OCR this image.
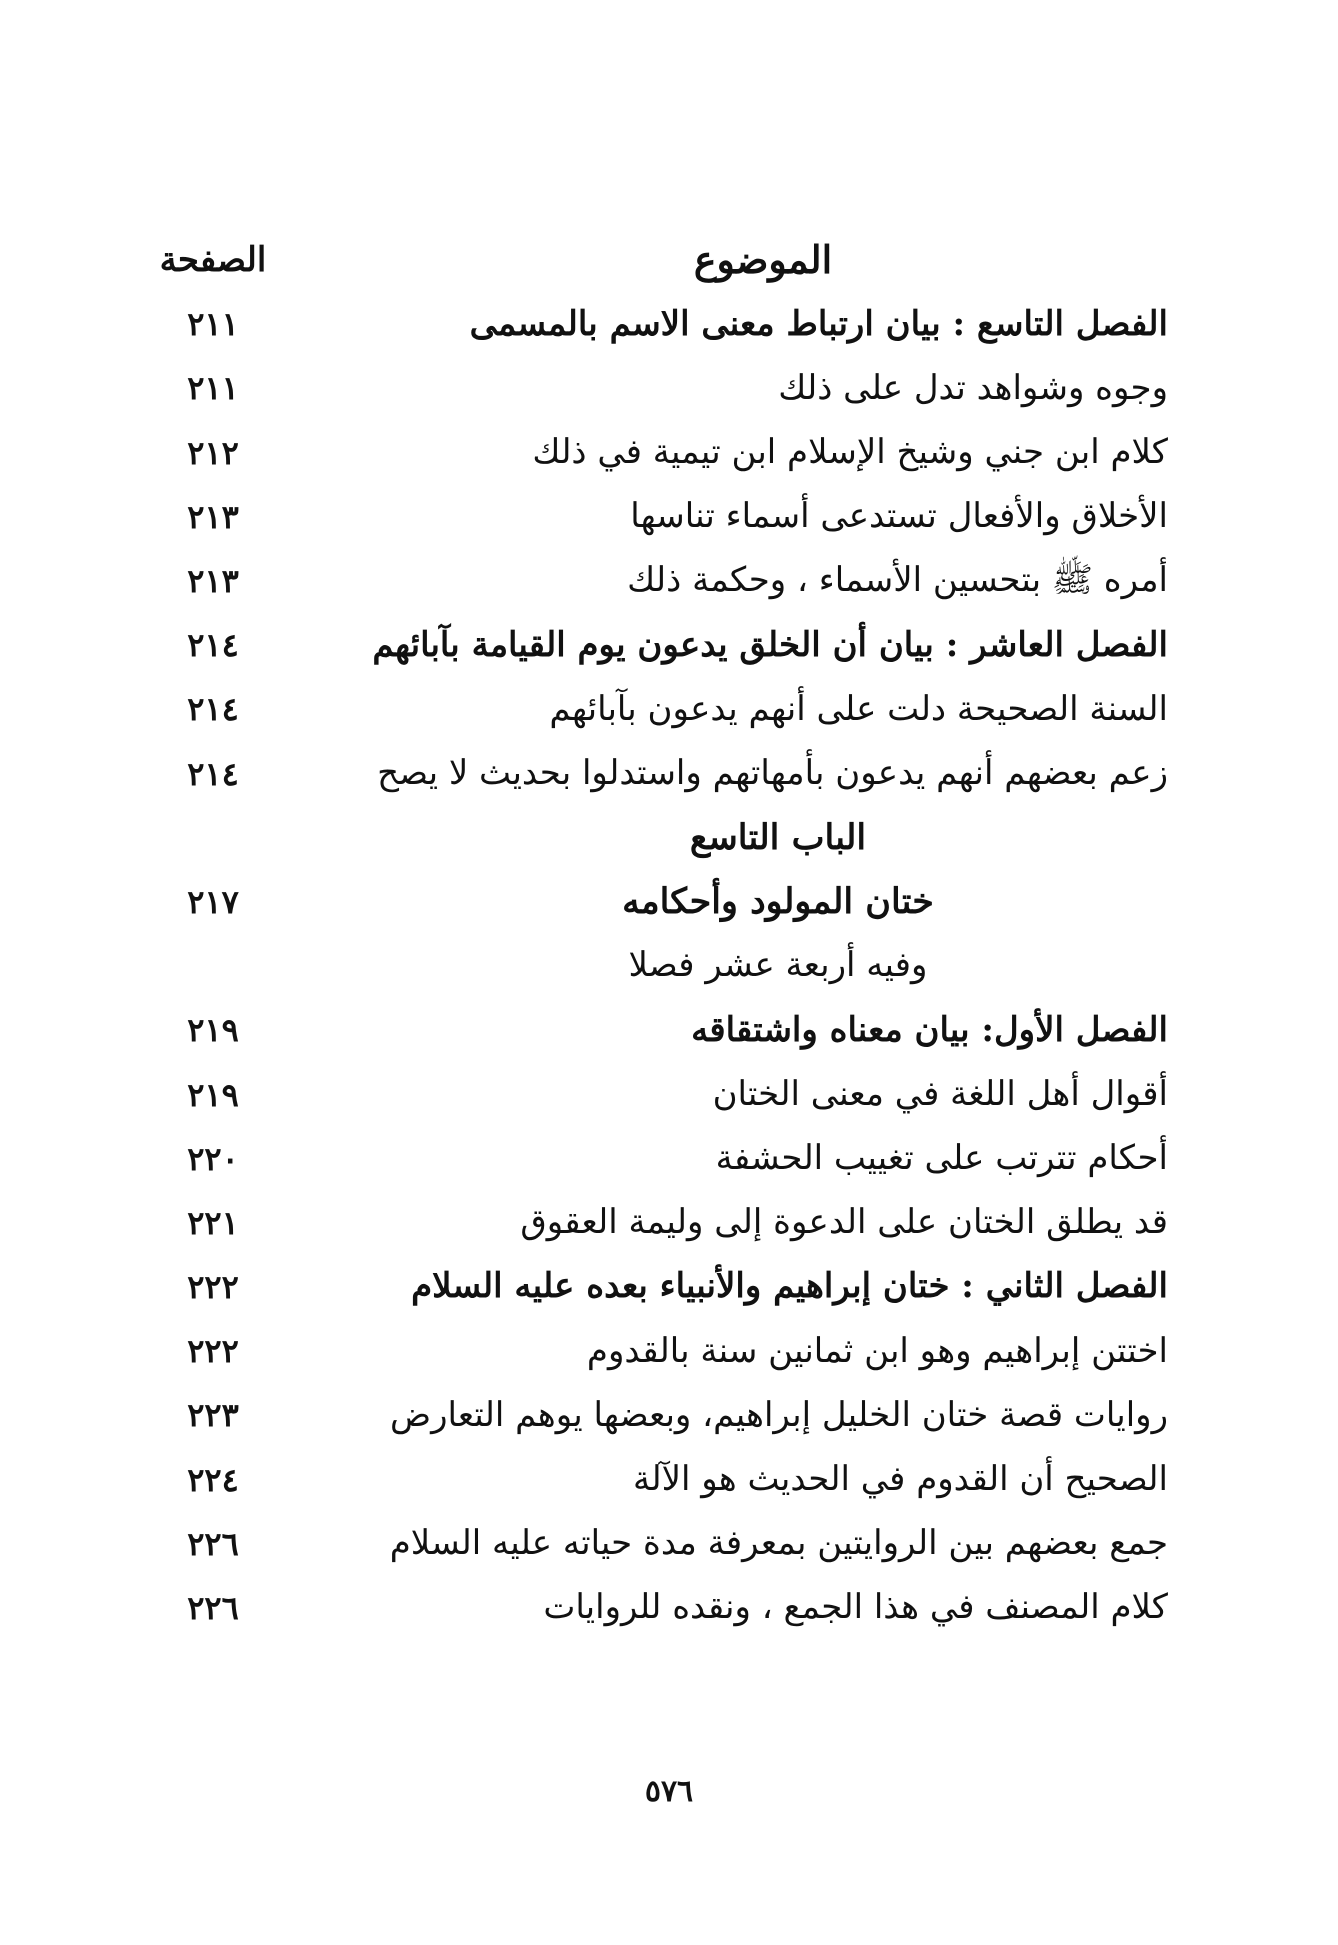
الموضوع
الصفحة
الفصل التاسع : بيان ارتباط معنى الاسم بالمسمى
٢١١
وجوه وشواهد تدل على ذلك
٢١١
كلام ابن جني وشيخ الإسلام ابن تيمية في ذلك
٢١٢
الأخلاق والأفعال تستدعى أسماء تناسها
٢١٣
أمره ﷺ بتحسين الأسماء ، وحكمة ذلك
٢١٣
الفصل العاشر : بيان أن الخلق يدعون يوم القيامة بآبائهم
٢١٤
السنة الصحيحة دلت على أنهم يدعون بآبائهم
٢١٤
زعم بعضهم أنهم يدعون بأمهاتهم واستدلوا بحديث لا يصح
٢١٤
الباب التاسع
ختان المولود وأحكامه
٢١٧
وفيه أربعة عشر فصلا
الفصل الأول: بيان معناه واشتقاقه
٢١٩
أقوال أهل اللغة في معنى الختان
٢١٩
أحكام تترتب على تغييب الحشفة
٢٢٠
قد يطلق الختان على الدعوة إلى وليمة العقوق
٢٢١
الفصل الثاني : ختان إبراهيم والأنبياء بعده عليه السلام
٢٢٢
اختتن إبراهيم وهو ابن ثمانين سنة بالقدوم
٢٢٢
روايات قصة ختان الخليل إبراهيم، وبعضها يوهم التعارض
٢٢٣
الصحيح أن القدوم في الحديث هو الآلة
٢٢٤
جمع بعضهم بين الروايتين بمعرفة مدة حياته عليه السلام
٢٢٦
كلام المصنف في هذا الجمع ، ونقده للروايات
٢٢٦
٥٧٦
